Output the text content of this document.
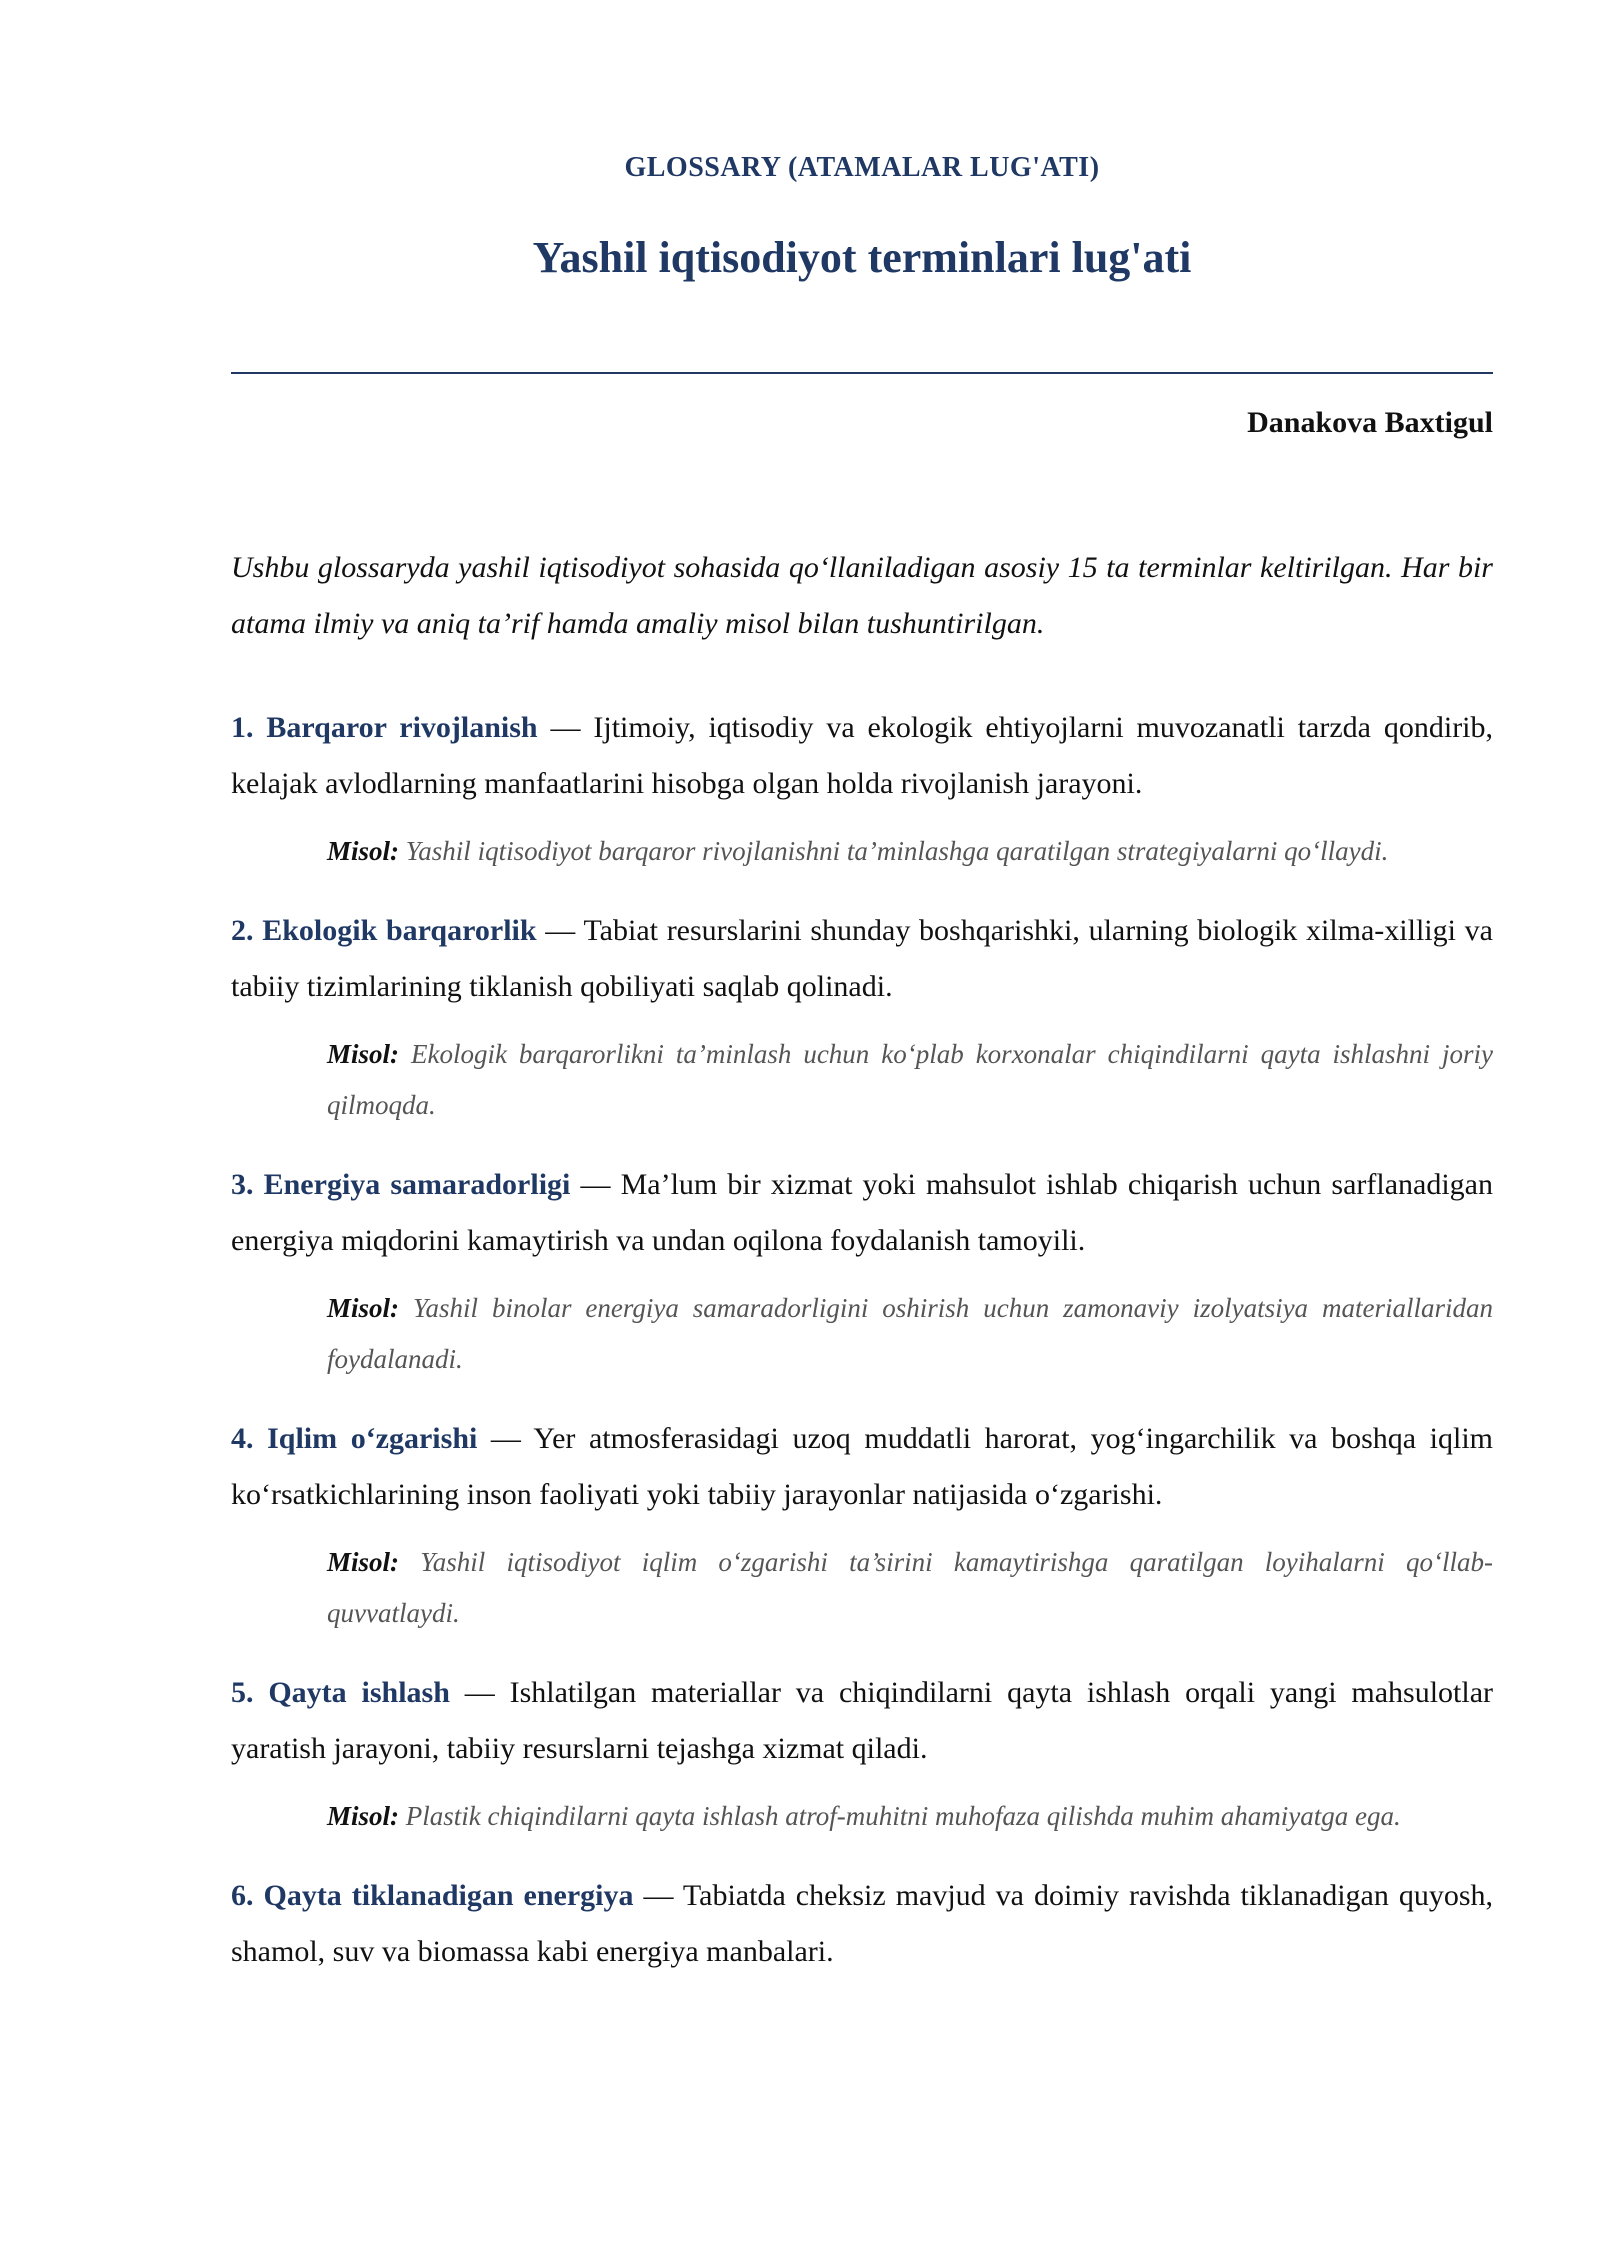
GLOSSARY (ATAMALAR LUG'ATI)
Yashil iqtisodiyot terminlari lug'ati
Danakova Baxtigul

Ushbu glossaryda yashil iqtisodiyot sohasida qo‘llaniladigan asosiy 15 ta terminlar keltirilgan. Har bir atama ilmiy va aniq ta’rif hamda amaliy misol bilan tushuntirilgan.

1. Barqaror rivojlanish — Ijtimoiy, iqtisodiy va ekologik ehtiyojlarni muvozanatli tarzda qondirib, kelajak avlodlarning manfaatlarini hisobga olgan holda rivojlanish jarayoni.

Misol: Yashil iqtisodiyot barqaror rivojlanishni ta’minlashga qaratilgan strategiyalarni qo‘llaydi.

2. Ekologik barqarorlik — Tabiat resurslarini shunday boshqarishki, ularning biologik xilma-xilligi va tabiiy tizimlarining tiklanish qobiliyati saqlab qolinadi.

Misol: Ekologik barqarorlikni ta’minlash uchun ko‘plab korxonalar chiqindilarni qayta ishlashni joriy qilmoqda.

3. Energiya samaradorligi — Ma’lum bir xizmat yoki mahsulot ishlab chiqarish uchun sarflanadigan energiya miqdorini kamaytirish va undan oqilona foydalanish tamoyili.

Misol: Yashil binolar energiya samaradorligini oshirish uchun zamonaviy izolyatsiya materiallaridan foydalanadi.

4. Iqlim o‘zgarishi — Yer atmosferasidagi uzoq muddatli harorat, yog‘ingarchilik va boshqa iqlim ko‘rsatkichlarining inson faoliyati yoki tabiiy jarayonlar natijasida o‘zgarishi.

Misol: Yashil iqtisodiyot iqlim o‘zgarishi ta’sirini kamaytirishga qaratilgan loyihalarni qo‘llab-quvvatlaydi.

5. Qayta ishlash — Ishlatilgan materiallar va chiqindilarni qayta ishlash orqali yangi mahsulotlar yaratish jarayoni, tabiiy resurslarni tejashga xizmat qiladi.

Misol: Plastik chiqindilarni qayta ishlash atrof-muhitni muhofaza qilishda muhim ahamiyatga ega.

6. Qayta tiklanadigan energiya — Tabiatda cheksiz mavjud va doimiy ravishda tiklanadigan quyosh, shamol, suv va biomassa kabi energiya manbalari.
